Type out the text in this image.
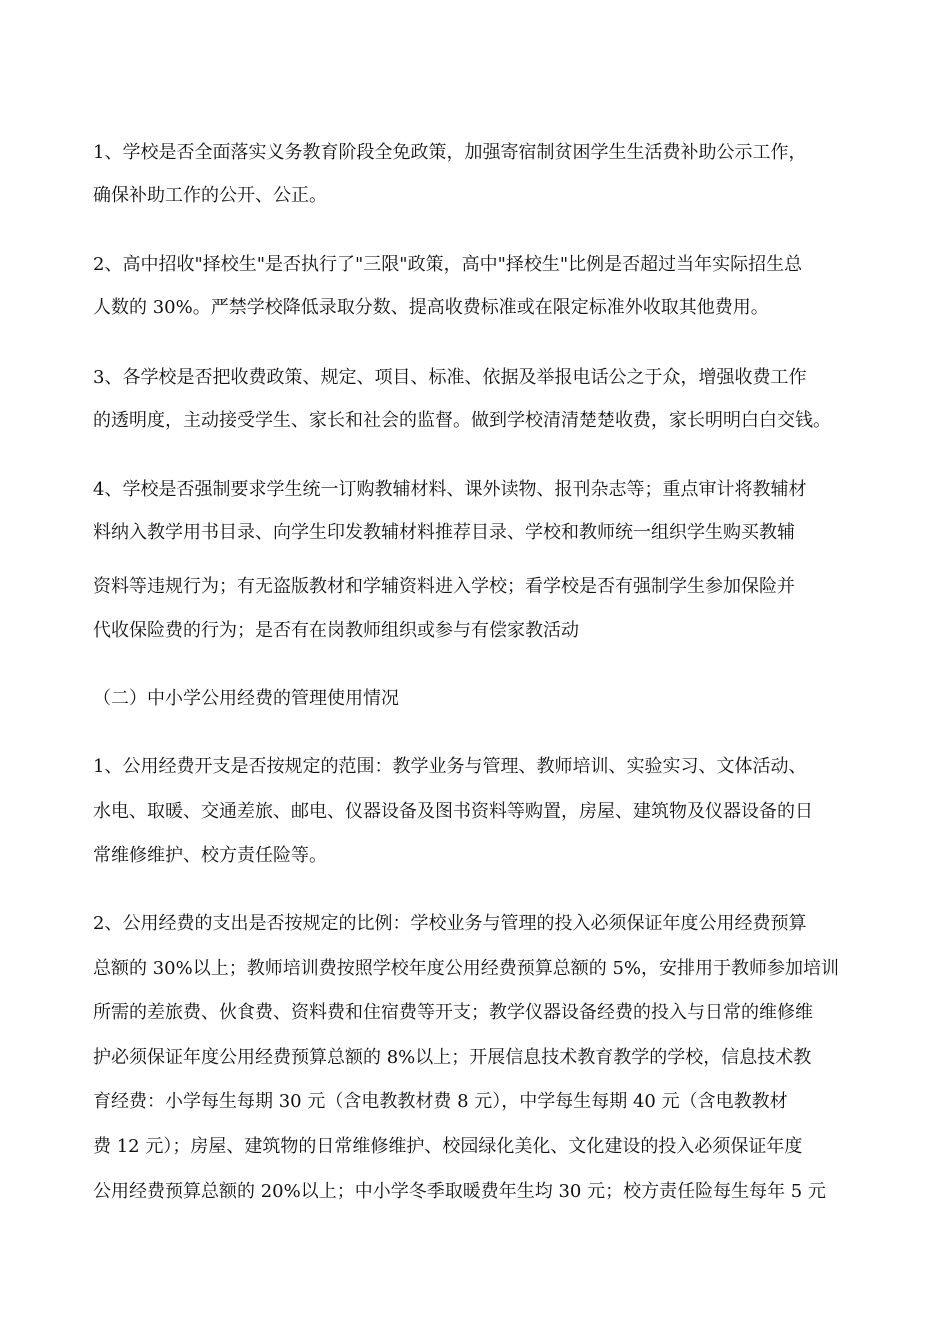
1、学校是否全面落实义务教育阶段全免政策，加强寄宿制贫困学生生活费补助公示工作，
确保补助工作的公开、公正。
2、高中招收"择校生"是否执行了"三限"政策，高中"择校生"比例是否超过当年实际招生总
人数的 30%。严禁学校降低录取分数、提高收费标准或在限定标准外收取其他费用。
3、各学校是否把收费政策、规定、项目、标准、依据及举报电话公之于众，增强收费工作
的透明度，主动接受学生、家长和社会的监督。做到学校清清楚楚收费，家长明明白白交钱。
4、学校是否强制要求学生统一订购教辅材料、课外读物、报刊杂志等；重点审计将教辅材
料纳入教学用书目录、向学生印发教辅材料推荐目录、学校和教师统一组织学生购买教辅
资料等违规行为；有无盗版教材和学辅资料进入学校；看学校是否有强制学生参加保险并
代收保险费的行为；是否有在岗教师组织或参与有偿家教活动
（二）中小学公用经费的管理使用情况
1、公用经费开支是否按规定的范围：教学业务与管理、教师培训、实验实习、文体活动、
水电、取暖、交通差旅、邮电、仪器设备及图书资料等购置，房屋、建筑物及仪器设备的日
常维修维护、校方责任险等。
2、公用经费的支出是否按规定的比例：学校业务与管理的投入必须保证年度公用经费预算
总额的 30%以上；教师培训费按照学校年度公用经费预算总额的 5%，安排用于教师参加培训
所需的差旅费、伙食费、资料费和住宿费等开支；教学仪器设备经费的投入与日常的维修维
护必须保证年度公用经费预算总额的 8%以上；开展信息技术教育教学的学校，信息技术教
育经费：小学每生每期 30 元（含电教教材费 8 元），中学每生每期 40 元（含电教教材
费 12 元）；房屋、建筑物的日常维修维护、校园绿化美化、文化建设的投入必须保证年度
公用经费预算总额的 20%以上；中小学冬季取暖费年生均 30 元；校方责任险每生每年 5 元
